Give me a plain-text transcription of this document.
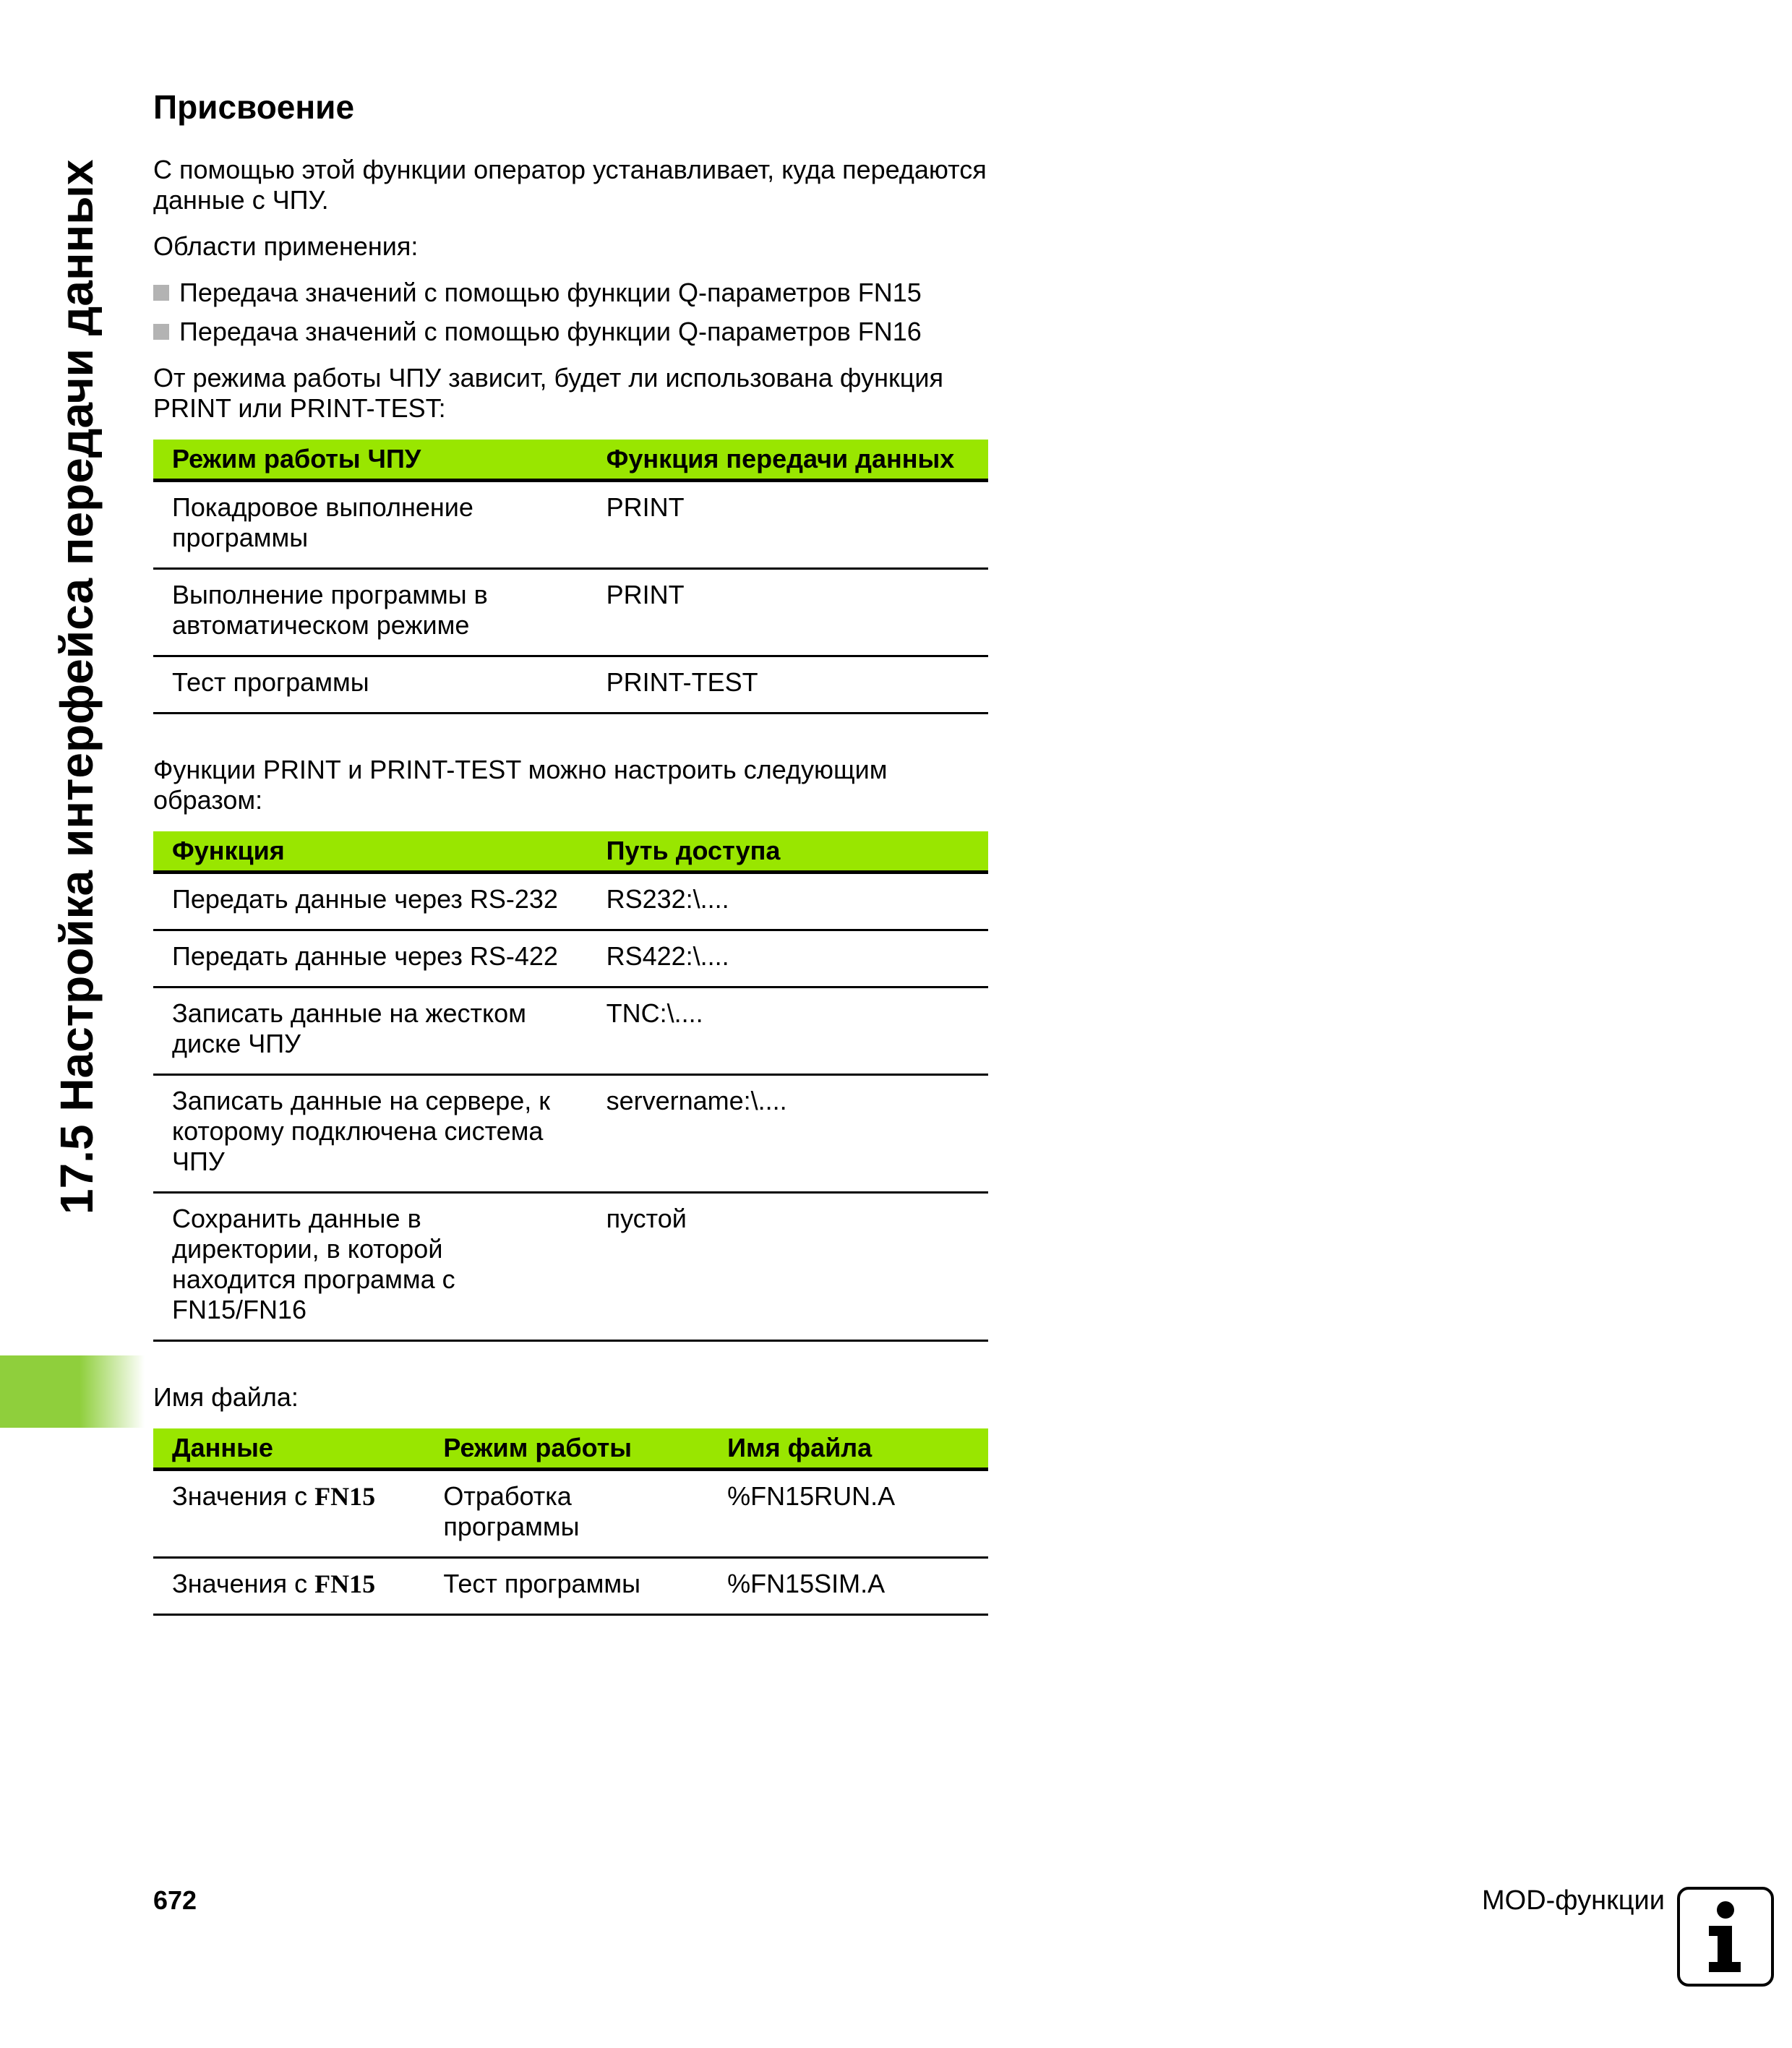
17.5 Настройка интерфейса передачи данных
Присвоение

С помощью этой функции оператор устанавливает, куда передаются данные с ЧПУ.

Области применения:

Передача значений с помощью функции Q-параметров FN15
Передача значений с помощью функции Q-параметров FN16

От режима работы ЧПУ зависит, будет ли использована функция PRINT или PRINT-TEST:

Режим работы ЧПУ	Функция передачи данных
Покадровое выполнение программы	PRINT
Выполнение программы в автоматическом режиме	PRINT
Тест программы	PRINT-TEST

Функции PRINT и PRINT-TEST можно настроить следующим образом:

Функция	Путь доступа
Передать данные через RS-232	RS232:\....
Передать данные через RS-422	RS422:\....
Записать данные на жестком диске ЧПУ	TNC:\....
Записать данные на сервере, к которому подключена система ЧПУ	servername:\....
Сохранить данные в директории, в которой находится программа с FN15/FN16	пустой

Имя файла:

Данные	Режим работы	Имя файла
Значения с FN15	Отработка программы	%FN15RUN.A
Значения с FN15	Тест программы	%FN15SIM.A
672	MOD-функции
